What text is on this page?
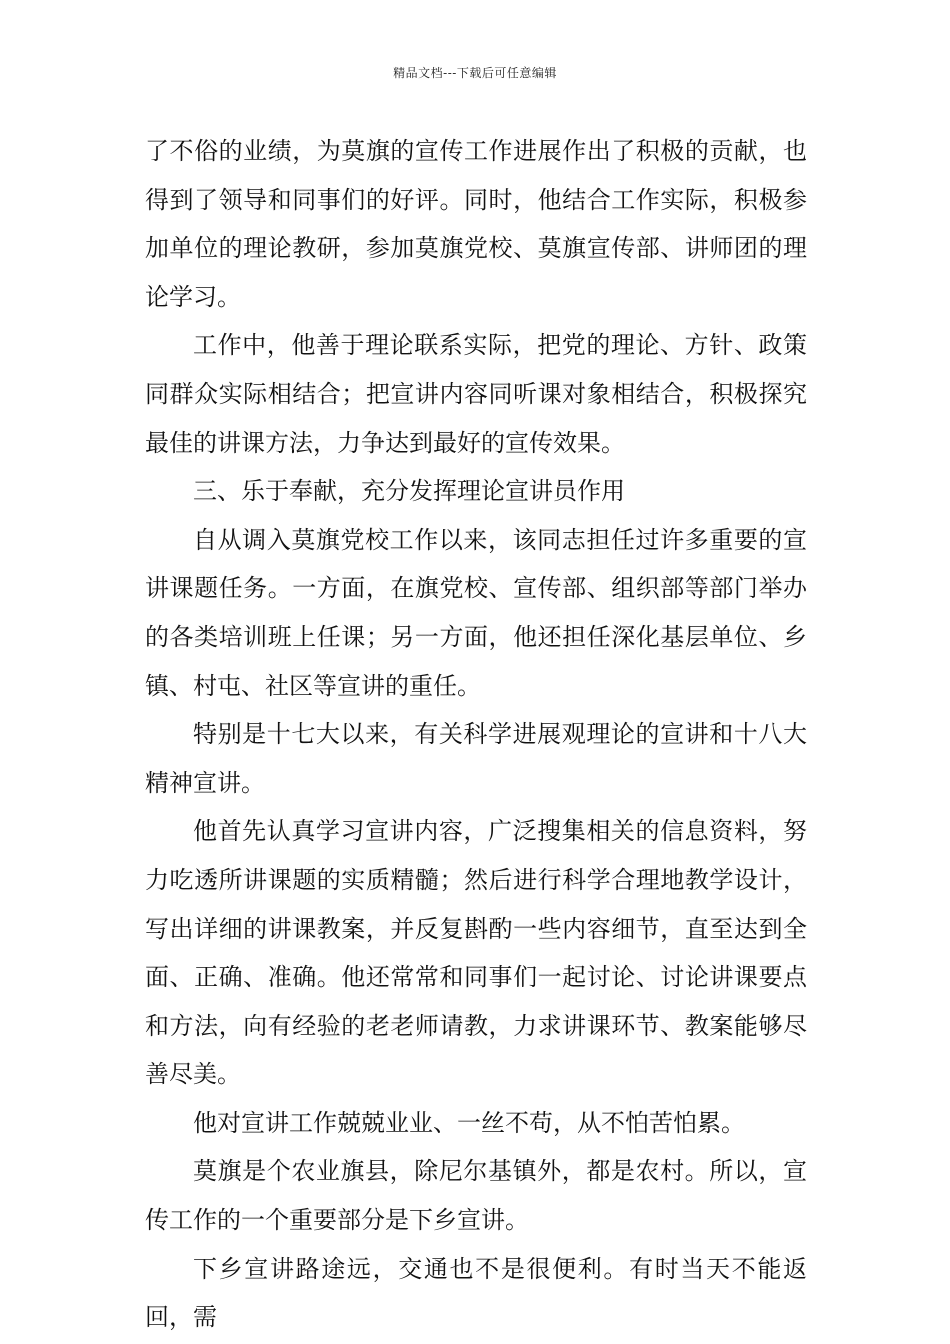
精品文档---下载后可任意编辑

了不俗的业绩，为莫旗的宣传工作进展作出了积极的贡献，也得到了领导和同事们的好评。同时，他结合工作实际，积极参加单位的理论教研，参加莫旗党校、莫旗宣传部、讲师团的理论学习。

工作中，他善于理论联系实际，把党的理论、方针、政策同群众实际相结合；把宣讲内容同听课对象相结合，积极探究最佳的讲课方法，力争达到最好的宣传效果。

三、乐于奉献，充分发挥理论宣讲员作用

自从调入莫旗党校工作以来，该同志担任过许多重要的宣讲课题任务。一方面，在旗党校、宣传部、组织部等部门举办的各类培训班上任课；另一方面，他还担任深化基层单位、乡镇、村屯、社区等宣讲的重任。

特别是十七大以来，有关科学进展观理论的宣讲和十八大精神宣讲。

他首先认真学习宣讲内容，广泛搜集相关的信息资料，努力吃透所讲课题的实质精髓；然后进行科学合理地教学设计，写出详细的讲课教案，并反复斟酌一些内容细节，直至达到全面、正确、准确。他还常常和同事们一起讨论、讨论讲课要点和方法，向有经验的老老师请教，力求讲课环节、教案能够尽善尽美。

他对宣讲工作兢兢业业、一丝不苟，从不怕苦怕累。

莫旗是个农业旗县，除尼尔基镇外，都是农村。所以，宣传工作的一个重要部分是下乡宣讲。

下乡宣讲路途远，交通也不是很便利。有时当天不能返回，需
